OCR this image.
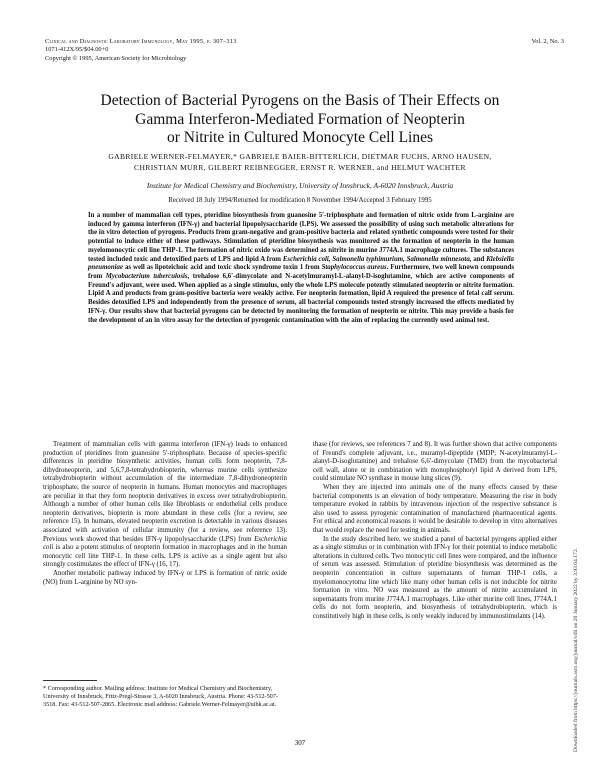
Clinical and Diagnostic Laboratory Immunology, May 1995, p. 307–313
1071-412X/95/$04.00+0
Copyright © 1995, American Society for Microbiology
Vol. 2, No. 3
Detection of Bacterial Pyrogens on the Basis of Their Effects on
Gamma Interferon-Mediated Formation of Neopterin
or Nitrite in Cultured Monocyte Cell Lines
GABRIELE WERNER-FELMAYER,* GABRIELE BAIER-BITTERLICH, DIETMAR FUCHS, ARNO HAUSEN,
CHRISTIAN MURR, GILBERT REIBNEGGER, ERNST R. WERNER, and HELMUT WACHTER
Institute for Medical Chemistry and Biochemistry, University of Innsbruck, A-6020 Innsbruck, Austria
Received 18 July 1994/Returned for modification 8 November 1994/Accepted 3 February 1995
In a number of mammalian cell types, pteridine biosynthesis from guanosine 5′-triphosphate and formation of nitric oxide from L-arginine are induced by gamma interferon (IFN-γ) and bacterial lipopolysaccharide (LPS). We assessed the possibility of using such metabolic alterations for the in vitro detection of pyrogens. Products from gram-negative and gram-positive bacteria and related synthetic compounds were tested for their potential to induce either of these pathways. Stimulation of pteridine biosynthesis was monitored as the formation of neopterin in the human myelomonocytic cell line THP-1. The formation of nitric oxide was determined as nitrite in murine J774A.1 macrophage cultures. The substances tested included toxic and detoxified parts of LPS and lipid A from Escherichia coli, Salmonella typhimurium, Salmonella minnesota, and Klebsiella pneumoniae as well as lipoteichoic acid and toxic shock syndrome toxin 1 from Staphylococcus aureus. Furthermore, two well known compounds from Mycobacterium tuberculosis, trehalose 6,6′-dimycolate and N-acetylmuramyl-L-alanyl-D-isoglutamine, which are active components of Freund's adjuvant, were used. When applied as a single stimulus, only the whole LPS molecule potently stimulated neopterin or nitrite formation. Lipid A and products from gram-positive bacteria were weakly active. For neopterin formation, lipid A required the presence of fetal calf serum. Besides detoxified LPS and independently from the presence of serum, all bacterial compounds tested strongly increased the effects mediated by IFN-γ. Our results show that bacterial pyrogens can be detected by monitoring the formation of neopterin or nitrite. This may provide a basis for the development of an in vitro assay for the detection of pyrogenic contamination with the aim of replacing the currently used animal test.

Treatment of mammalian cells with gamma interferon (IFN-γ) leads to enhanced production of pteridines from guanosine 5′-triphosphate. Because of species-specific differences in pteridine biosynthetic activities, human cells form neopterin, 7,8-dihydroneopterin, and 5,6,7,8-tetrahydrobiopterin, whereas murine cells synthesize tetrahydrobiopterin without accumulation of the intermediate 7,8-dihydroneopterin triphosphate, the source of neopterin in humans. Human monocytes and macrophages are peculiar in that they form neopterin derivatives in excess over tetrahydrobiopterin. Although a number of other human cells like fibroblasts or endothelial cells produce neopterin derivatives, biopterin is more abundant in these cells (for a review, see reference 15). In humans, elevated neopterin excretion is detectable in various diseases associated with activation of cellular immunity (for a review, see reference 13). Previous work showed that besides IFN-γ lipopolysaccharide (LPS) from Escherichia coli is also a potent stimulus of neopterin formation in macrophages and in the human monocytic cell line THP-1. In these cells, LPS is active as a single agent but also strongly costimulates the effect of IFN-γ (16, 17).

Another metabolic pathway induced by IFN-γ or LPS is formation of nitric oxide (NO) from L-arginine by NO syn-

thase (for reviews, see references 7 and 8). It was further shown that active components of Freund's complete adjuvant, i.e., muramyl-dipeptide (MDP; N-acetylmuramyl-L-alanyl-D-isoglutamine) and trehalose 6,6′-dimycolate (TMD) from the mycobacterial cell wall, alone or in combination with monophosphoryl lipid A derived from LPS, could stimulate NO synthase in mouse lung slices (9).

When they are injected into animals one of the many effects caused by these bacterial components is an elevation of body temperature. Measuring the rise in body temperature evoked in rabbits by intravenous injection of the respective substance is also used to assess pyrogenic contamination of manufactured pharmaceutical agents. For ethical and economical reasons it would be desirable to develop in vitro alternatives that would replace the need for testing in animals.

In the study described here, we studied a panel of bacterial pyrogens applied either as a single stimulus or in combination with IFN-γ for their potential to induce metabolic alterations in cultured cells. Two monocytic cell lines were compared, and the influence of serum was assessed. Stimulation of pteridine biosynthesis was determined as the neopterin concentration in culture supernatants of human THP-1 cells, a myelomonocytoma line which like many other human cells is not inducible for nitrite formation in vitro. NO was measured as the amount of nitrite accumulated in supernatants from murine J774A.1 macrophages. Like other murine cell lines, J774A.1 cells do not form neopterin, and biosynthesis of tetrahydrobiopterin, which is constitutively high in these cells, is only weakly induced by immunostimulants (14).

* Corresponding author. Mailing address: Institute for Medical Chemistry and Biochemistry, University of Innsbruck, Fritz-Pregl-Strasse 3, A-6020 Innsbruck, Austria. Phone: 43-512-507-3518. Fax: 43-512-507-2865. Electronic mail address: Gabriele.Werner-Felmayer@uibk.ac.at.
307	Downloaded from https://journals.asm.org/journal/cdli on 20 January 2022 by 3.93.64.172.
